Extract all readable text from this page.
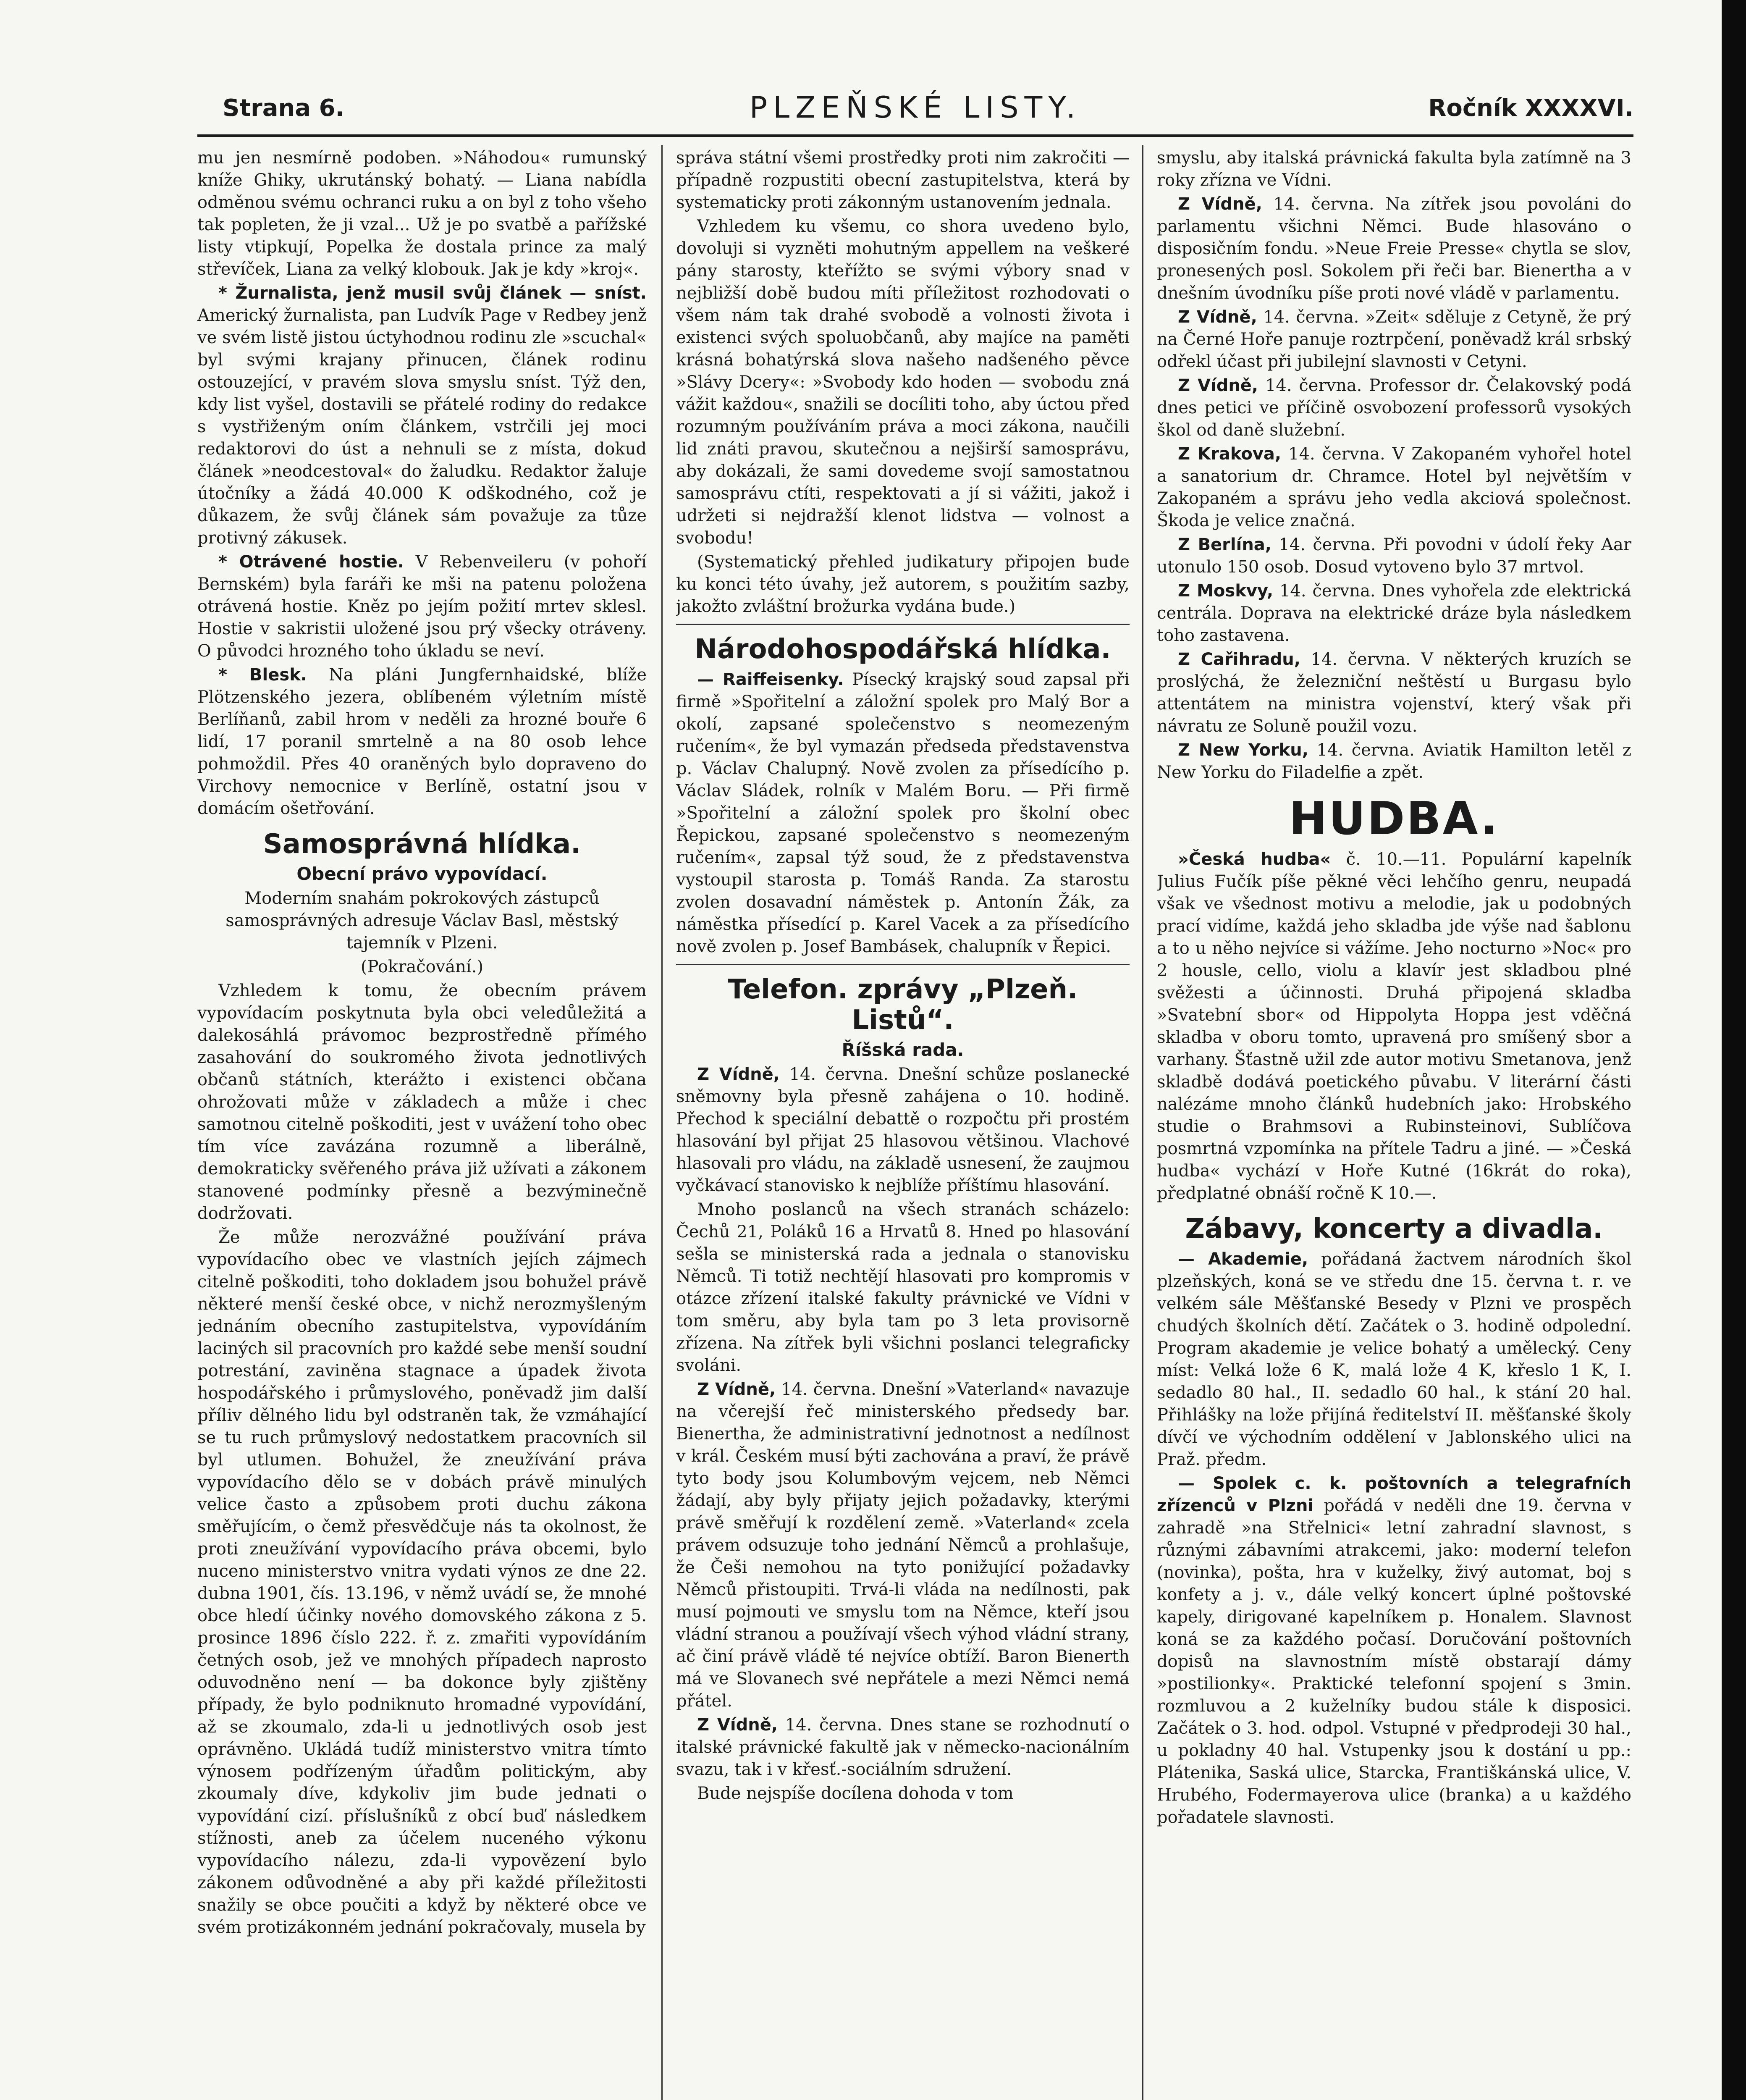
Strana 6.	PLZEŇSKÉ LISTY.	Ročník XXXXVI.

mu jen nesmírně podoben. »Náhodou« rumunský kníže Ghiky, ukrutánský bohatý. — Liana nabídla odměnou svému ochranci ruku a on byl z toho všeho tak popleten, že ji vzal... Už je po svatbě a pařížské listy vtipkují, Popelka že dostala prince za malý střevíček, Liana za velký klobouk. Jak je kdy »kroj«.

* Žurnalista, jenž musil svůj článek — sníst. Americký žurnalista, pan Ludvík Page v Redbey jenž ve svém listě jistou úctyhodnou rodinu zle »scuchal« byl svými krajany přinucen, článek rodinu ostouzející, v pravém slova smyslu sníst. Týž den, kdy list vyšel, dostavili se přátelé rodiny do redakce s vystřiženým oním článkem, vstrčili jej moci redaktorovi do úst a nehnuli se z místa, dokud článek »neodcestoval« do žaludku. Redaktor žaluje útočníky a žádá 40.000 K odškodného, což je důkazem, že svůj článek sám považuje za tůze protivný zákusek.

* Otrávené hostie. V Rebenveileru (v pohoří Bernském) byla faráři ke mši na patenu položena otrávená hostie. Kněz po jejím požití mrtev sklesl. Hostie v sakristii uložené jsou prý všecky otráveny. O původci hrozného toho úkladu se neví.

* Blesk. Na pláni Jungfernhaidské, blíže Plötzenského jezera, oblíbeném výletním místě Berlíňanů, zabil hrom v neděli za hrozné bouře 6 lidí, 17 poranil smrtelně a na 80 osob lehce pohmoždil. Přes 40 oraněných bylo dopraveno do Virchovy nemocnice v Berlíně, ostatní jsou v domácím ošetřování.

Samosprávná hlídka.
Obecní právo vypovídací.

Moderním snahám pokrokových zástupců samosprávných adresuje Václav Basl, městský tajemník v Plzeni.

(Pokračování.)

Vzhledem k tomu, že obecním právem vypovídacím poskytnuta byla obci veledůležitá a dalekosáhlá právomoc bezprostředně přímého zasahování do soukromého života jednotlivých občanů státních, kterážto i existenci občana ohrožovati může v základech a může i chec samotnou citelně poškoditi, jest v uvážení toho obec tím více zavázána rozumně a liberálně, demokraticky svěřeného práva již užívati a zákonem stanovené podmínky přesně a bezvýminečně dodržovati.

Že může nerozvážné používání práva vypovídacího obec ve vlastních jejích zájmech citelně poškoditi, toho dokladem jsou bohužel právě některé menší české obce, v nichž nerozmyšleným jednáním obecního zastupitelstva, vypovídáním laciných sil pracovních pro každé sebe menší soudní potrestání, zaviněna stagnace a úpadek života hospodářského i průmyslového, poněvadž jim další příliv dělného lidu byl odstraněn tak, že vzmáhající se tu ruch průmyslový nedostatkem pracovních sil byl utlumen. Bohužel, že zneužívání práva vypovídacího dělo se v dobách právě minulých velice často a způsobem proti duchu zákona směřujícím, o čemž přesvědčuje nás ta okolnost, že proti zneužívání vypovídacího práva obcemi, bylo nuceno ministerstvo vnitra vydati výnos ze dne 22. dubna 1901, čís. 13.196, v němž uvádí se, že mnohé obce hledí účinky nového domovského zákona z 5. prosince 1896 číslo 222. ř. z. zmařiti vypovídáním četných osob, jež ve mnohých případech naprosto oduvodněno není — ba dokonce byly zjištěny případy, že bylo podniknuto hromadné vypovídání, až se zkoumalo, zda-li u jednotlivých osob jest oprávněno. Ukládá tudíž ministerstvo vnitra tímto výnosem podřízeným úřadům politickým, aby zkoumaly díve, kdykoliv jim bude jednati o vypovídání cizí. příslušníků z obcí buď následkem stížnosti, aneb za účelem nuceného výkonu vypovídacího nálezu, zda-li vypovězení bylo zákonem odůvodněné a aby při každé příležitosti snažily se obce poučiti a když by některé obce ve svém protizákonném jednání pokračovaly, musela by

správa státní všemi prostředky proti nim zakročiti — případně rozpustiti obecní zastupitelstva, která by systematicky proti zákonným ustanovením jednala.

Vzhledem ku všemu, co shora uvedeno bylo, dovoluji si vyzněti mohutným appellem na veškeré pány starosty, kteřížto se svými výbory snad v nejbližší době budou míti příležitost rozhodovati o všem nám tak drahé svobodě a volnosti života i existenci svých spoluobčanů, aby majíce na paměti krásná bohatýrská slova našeho nadšeného pěvce »Slávy Dcery«: »Svobody kdo hoden — svobodu zná vážit každou«, snažili se docíliti toho, aby úctou před rozumným používáním práva a moci zákona, naučili lid znáti pravou, skutečnou a nejširší samosprávu, aby dokázali, že sami dovedeme svojí samostatnou samosprávu ctíti, respektovati a jí si vážiti, jakož i udržeti si nejdražší klenot lidstva — volnost a svobodu!

(Systematický přehled judikatury připojen bude ku konci této úvahy, jež autorem, s použitím sazby, jakožto zvláštní brožurka vydána bude.)

Národohospodářská hlídka.

— Raiffeisenky. Písecký krajský soud zapsal při firmě »Spořitelní a záložní spolek pro Malý Bor a okolí, zapsané společenstvo s neomezeným ručením«, že byl vymazán předseda představenstva p. Václav Chalupný. Nově zvolen za přísedícího p. Václav Sládek, rolník v Malém Boru. — Při firmě »Spořitelní a záložní spolek pro školní obec Řepickou, zapsané společenstvo s neomezeným ručením«, zapsal týž soud, že z představenstva vystoupil starosta p. Tomáš Randa. Za starostu zvolen dosavadní náměstek p. Antonín Žák, za náměstka přísedící p. Karel Vacek a za přísedícího nově zvolen p. Josef Bambásek, chalupník v Řepici.

Telefon. zprávy „Plzeň. Listů“.
Říšská rada.

Z Vídně, 14. června. Dnešní schůze poslanecké sněmovny byla přesně zahájena o 10. hodině. Přechod k speciální debattě o rozpočtu při prostém hlasování byl přijat 25 hlasovou většinou. Vlachové hlasovali pro vládu, na základě usnesení, že zaujmou vyčkávací stanovisko k nejblíže příštímu hlasování.

Mnoho poslanců na všech stranách scházelo: Čechů 21, Poláků 16 a Hrvatů 8. Hned po hlasování sešla se ministerská rada a jednala o stanovisku Němců. Ti totiž nechtějí hlasovati pro kompromis v otázce zřízení italské fakulty právnické ve Vídni v tom směru, aby byla tam po 3 leta provisorně zřízena. Na zítřek byli všichni poslanci telegraficky svoláni.

Z Vídně, 14. června. Dnešní »Vaterland« navazuje na včerejší řeč ministerského předsedy bar. Bienertha, že administrativní jednotnost a nedílnost v král. Českém musí býti zachována a praví, že právě tyto body jsou Kolumbovým vejcem, neb Němci žádají, aby byly přijaty jejich požadavky, kterými právě směřují k rozdělení země. »Vaterland« zcela právem odsuzuje toho jednání Němců a prohlašuje, že Češi nemohou na tyto ponižující požadavky Němců přistoupiti. Trvá-li vláda na nedílnosti, pak musí pojmouti ve smyslu tom na Němce, kteří jsou vládní stranou a používají všech výhod vládní strany, ač činí právě vládě té nejvíce obtíží. Baron Bienerth má ve Slovanech své nepřátele a mezi Němci nemá přátel.

Z Vídně, 14. června. Dnes stane se rozhodnutí o italské právnické fakultě jak v německo-nacionálním svazu, tak i v křesť.-sociálním sdružení.

Bude nejspíše docílena dohoda v tom

smyslu, aby italská právnická fakulta byla zatímně na 3 roky zřízna ve Vídni.

Z Vídně, 14. června. Na zítřek jsou povoláni do parlamentu všichni Němci. Bude hlasováno o disposičním fondu. »Neue Freie Presse« chytla se slov, pronesených posl. Sokolem při řeči bar. Bienertha a v dnešním úvodníku píše proti nové vládě v parlamentu.

Z Vídně, 14. června. »Zeit« sděluje z Cetyně, že prý na Černé Hoře panuje roztrpčení, poněvadž král srbský odřekl účast při jubilejní slavnosti v Cetyni.

Z Vídně, 14. června. Professor dr. Čelakovský podá dnes petici ve příčině osvobození professorů vysokých škol od daně služební.

Z Krakova, 14. června. V Zakopaném vyhořel hotel a sanatorium dr. Chramce. Hotel byl největším v Zakopaném a správu jeho vedla akciová společnost. Škoda je velice značná.

Z Berlína, 14. června. Při povodni v údolí řeky Aar utonulo 150 osob. Dosud vytoveno bylo 37 mrtvol.

Z Moskvy, 14. června. Dnes vyhořela zde elektrická centrála. Doprava na elektrické dráze byla následkem toho zastavena.

Z Cařihradu, 14. června. V některých kruzích se proslýchá, že železniční neštěstí u Burgasu bylo attentátem na ministra vojenství, který však při návratu ze Soluně použil vozu.

Z New Yorku, 14. června. Aviatik Hamilton letěl z New Yorku do Filadelfie a zpět.

HUDBA.

»Česká hudba« č. 10.—11. Populární kapelník Julius Fučík píše pěkné věci lehčího genru, neupadá však ve všednost motivu a melodie, jak u podobných prací vidíme, každá jeho skladba jde výše nad šablonu a to u něho nejvíce si vážíme. Jeho nocturno »Noc« pro 2 housle, cello, violu a klavír jest skladbou plné svěžesti a účinnosti. Druhá připojená skladba »Svatební sbor« od Hippolyta Hoppa jest vděčná skladba v oboru tomto, upravená pro smíšený sbor a varhany. Šťastně užil zde autor motivu Smetanova, jenž skladbě dodává poetického půvabu. V literární části nalézáme mnoho článků hudebních jako: Hrobského studie o Brahmsovi a Rubinsteinovi, Sublíčova posmrtná vzpomínka na přítele Tadru a jiné. — »Česká hudba« vychází v Hoře Kutné (16krát do roka), předplatné obnáší ročně K 10.—.

Zábavy, koncerty a divadla.

— Akademie, pořádaná žactvem národních škol plzeňských, koná se ve středu dne 15. června t. r. ve velkém sále Měšťanské Besedy v Plzni ve prospěch chudých školních dětí. Začátek o 3. hodině odpolední. Program akademie je velice bohatý a umělecký. Ceny míst: Velká lože 6 K, malá lože 4 K, křeslo 1 K, I. sedadlo 80 hal., II. sedadlo 60 hal., k stání 20 hal. Přihlášky na lože přijíná ředitelství II. měšťanské školy dívčí ve východním oddělení v Jablonského ulici na Praž. předm.

— Spolek c. k. poštovních a telegrafních zřízenců v Plzni pořádá v neděli dne 19. června v zahradě »na Střelnici« letní zahradní slavnost, s různými zábavními atrakcemi, jako: moderní telefon (novinka), pošta, hra v kuželky, živý automat, boj s konfety a j. v., dále velký koncert úplné poštovské kapely, dirigované kapelníkem p. Honalem. Slavnost koná se za každého počasí. Doručování poštovních dopisů na slavnostním místě obstarají dámy »postilionky«. Praktické telefonní spojení s 3min. rozmluvou a 2 kuželníky budou stále k disposici. Začátek o 3. hod. odpol. Vstupné v předprodeji 30 hal., u pokladny 40 hal. Vstupenky jsou k dostání u pp.: Plátenika, Saská ulice, Starcka, Františkánská ulice, V. Hrubého, Fodermayerova ulice (branka) a u každého pořadatele slavnosti.
